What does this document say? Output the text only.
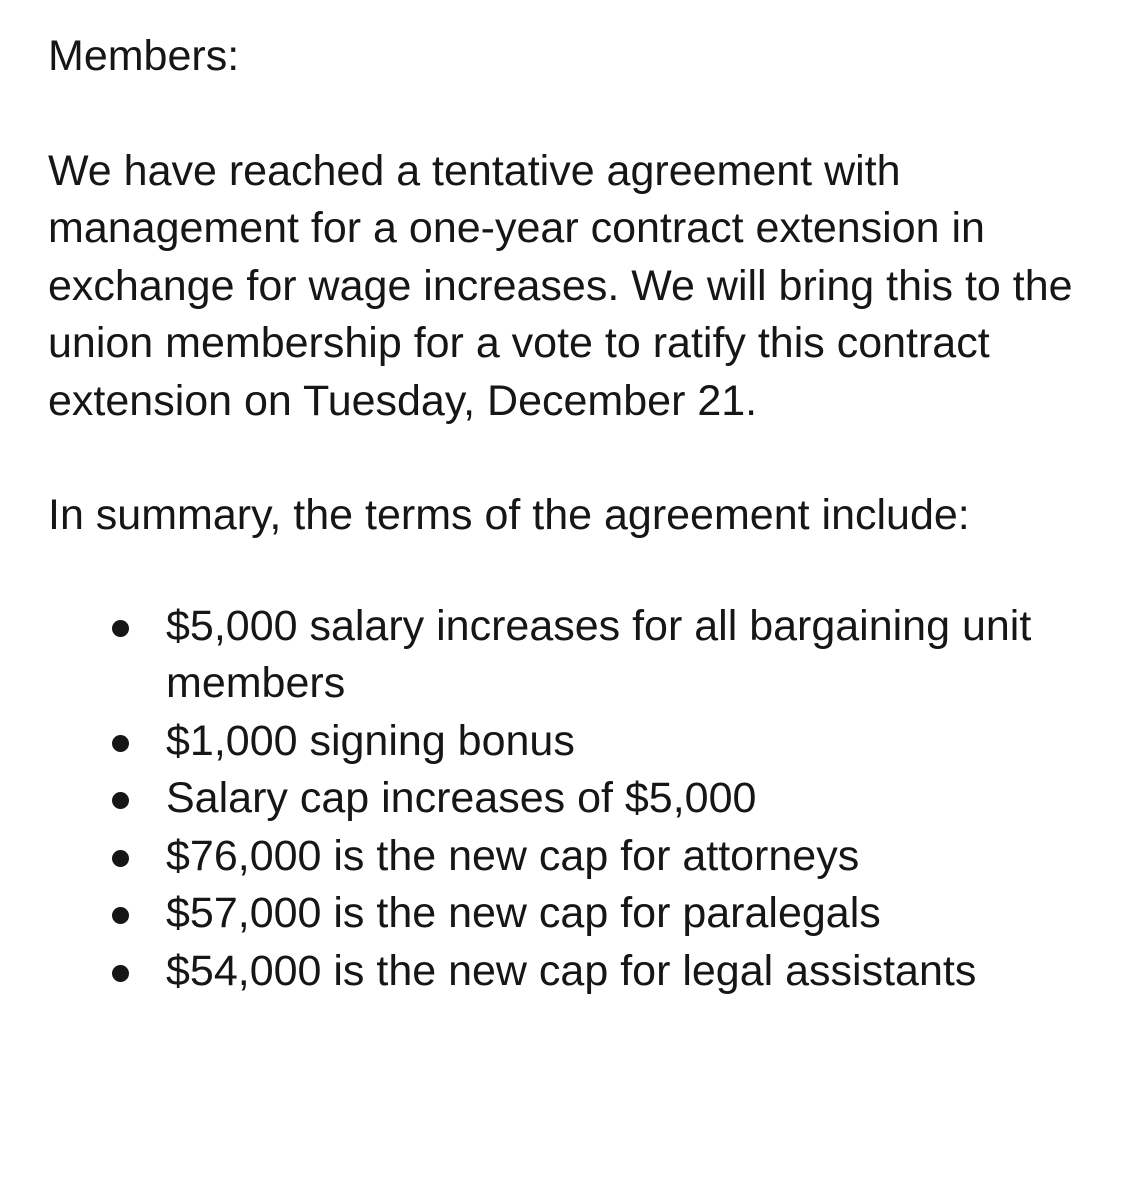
Members:

We have reached a tentative agreement with management for a one-year contract extension in exchange for wage increases. We will bring this to the union membership for a vote to ratify this contract extension on Tuesday, December 21.

In summary, the terms of the agreement include:

$5,000 salary increases for all bargaining unit members
$1,000 signing bonus
Salary cap increases of $5,000
$76,000 is the new cap for attorneys
$57,000 is the new cap for paralegals
$54,000 is the new cap for legal assistants
